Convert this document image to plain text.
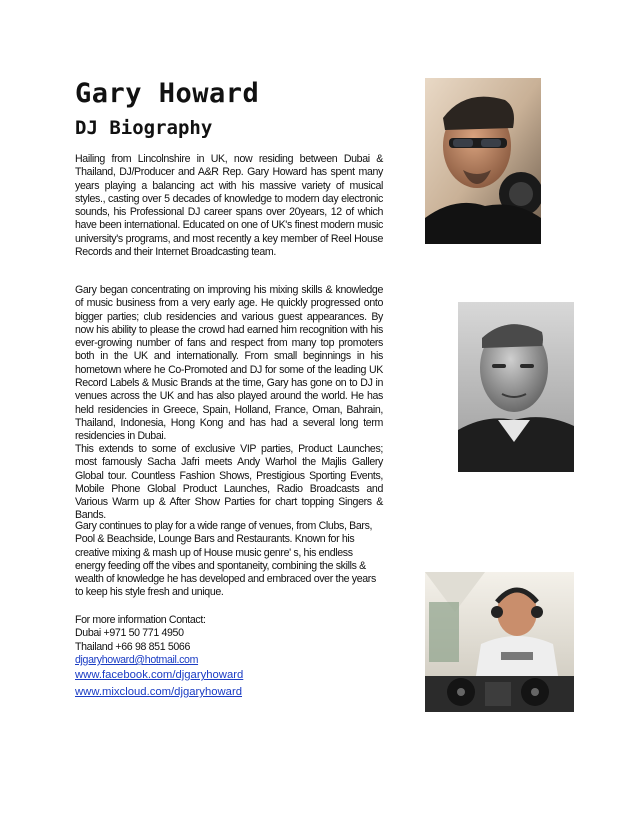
Gary Howard
DJ Biography

Hailing from Lincolnshire in UK, now residing between Dubai & Thailand, DJ/Producer and A&R Rep. Gary Howard has spent many years playing a balancing act with his massive variety of musical styles., casting over 5 decades of knowledge to modern day electronic sounds, his Professional DJ career spans over 20years, 12 of which have been international. Educated on one of UK's finest modern music university's programs, and most recently a key member of Reel House Records and their Internet Broadcasting team.

Gary began concentrating on improving his mixing skills & knowledge of music business from a very early age. He quickly progressed onto bigger parties; club residencies and various guest appearances. By now his ability to please the crowd had earned him recognition with his ever-growing number of fans and respect from many top promoters both in the UK and internationally. From small beginnings in his hometown where he Co-Promoted and DJ for some of the leading UK Record Labels & Music Brands at the time, Gary has gone on to DJ in venues across the UK and has also played around the world. He has held residencies in Greece, Spain, Holland, France, Oman, Bahrain, Thailand, Indonesia, Hong Kong and has had a several long term residencies in Dubai.

This extends to some of exclusive VIP parties, Product Launches; most famously Sacha Jafri meets Andy Warhol the Majlis Gallery Global tour. Countless Fashion Shows, Prestigious Sporting Events, Mobile Phone Global Product Launches, Radio Broadcasts and Various Warm up & After Show Parties for chart topping Singers & Bands.

Gary continues to play for a wide range of venues, from Clubs, Bars, Pool & Beachside, Lounge Bars and Restaurants. Known for his creative mixing & mash up of House music genre' s, his endless energy feeding off the vibes and spontaneity, combining the skills & wealth of knowledge he has developed and embraced over the years to keep his style fresh and unique.

For more information Contact:
Dubai +971 50 771 4950
Thailand +66 98 851 5066
djgaryhoward@hotmail.com
www.facebook.com/djgaryhoward
www.mixcloud.com/djgaryhoward
